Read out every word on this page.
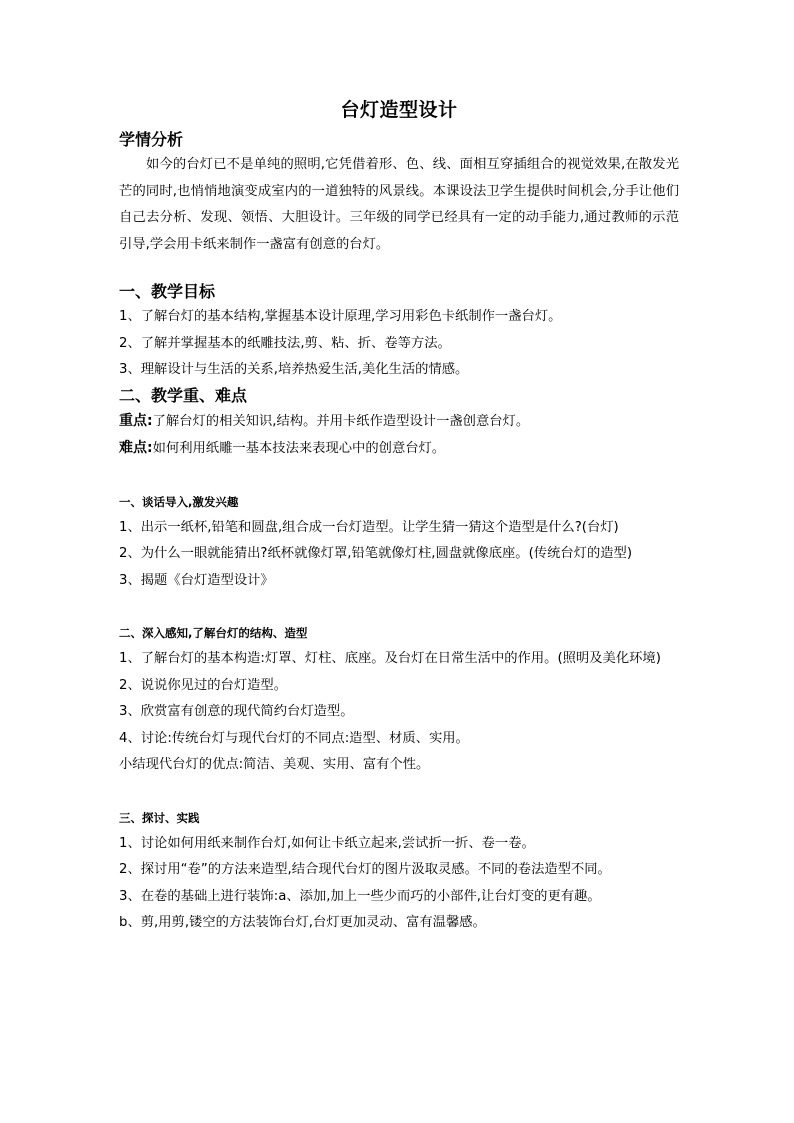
台灯造型设计
学情分析

如今的台灯已不是单纯的照明,它凭借着形、色、线、面相互穿插组合的视觉效果,在散发光芒的同时,也悄悄地演变成室内的一道独特的风景线。本课设法卫学生提供时间机会,分手让他们自己去分析、发现、领悟、大胆设计。三年级的同学已经具有一定的动手能力,通过教师的示范引导,学会用卡纸来制作一盏富有创意的台灯。

一、教学目标

1、了解台灯的基本结构,掌握基本设计原理,学习用彩色卡纸制作一盏台灯。

2、了解并掌握基本的纸雕技法,剪、粘、折、卷等方法。

3、理解设计与生活的关系,培养热爱生活,美化生活的情感。

二、教学重、难点

重点:了解台灯的相关知识,结构。并用卡纸作造型设计一盏创意台灯。

难点:如何利用纸雕一基本技法来表现心中的创意台灯。

一、谈话导入,激发兴趣

1、出示一纸杯,铅笔和圆盘,组合成一台灯造型。让学生猜一猜这个造型是什么?(台灯)

2、为什么一眼就能猜出?纸杯就像灯罩,铅笔就像灯柱,圆盘就像底座。(传统台灯的造型)

3、揭题《台灯造型设计》

二、深入感知,了解台灯的结构、造型

1、了解台灯的基本构造:灯罩、灯柱、底座。及台灯在日常生活中的作用。(照明及美化环境)

2、说说你见过的台灯造型。

3、欣赏富有创意的现代简约台灯造型。

4、讨论:传统台灯与现代台灯的不同点:造型、材质、实用。

小结现代台灯的优点:简洁、美观、实用、富有个性。

三、探讨、实践

1、讨论如何用纸来制作台灯,如何让卡纸立起来,尝试折一折、卷一卷。

2、探讨用“卷”的方法来造型,结合现代台灯的图片汲取灵感。不同的卷法造型不同。

3、在卷的基础上进行装饰:a、添加,加上一些少而巧的小部件,让台灯变的更有趣。

b、剪,用剪,镂空的方法装饰台灯,台灯更加灵动、富有温馨感。
